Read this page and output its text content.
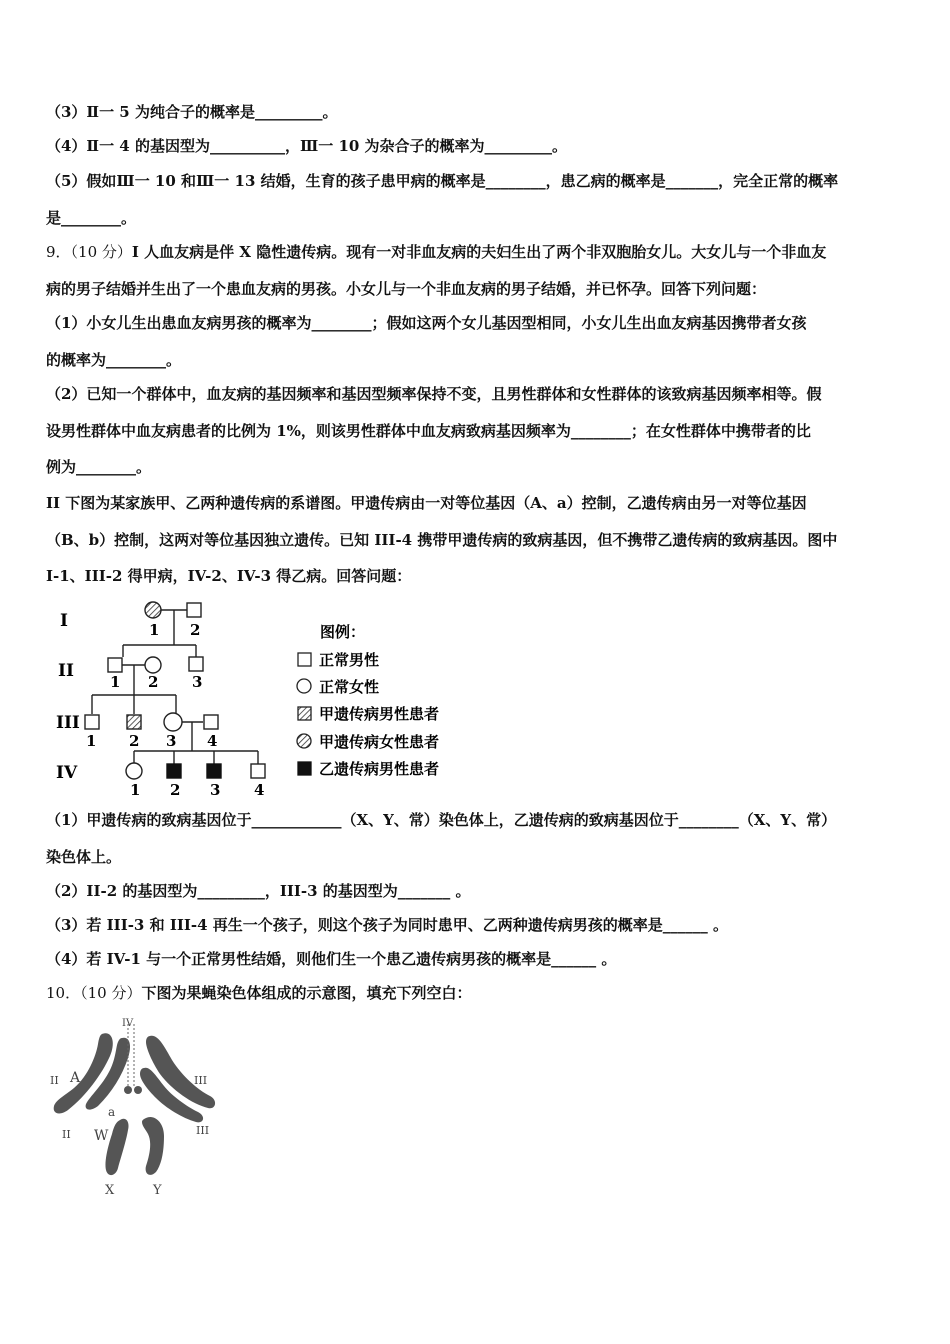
（3）Ⅱ一 5 为纯合子的概率是_________。
（4）Ⅱ一 4 的基因型为__________，Ⅲ一 10 为杂合子的概率为_________。
（5）假如Ⅲ一 10 和Ⅲ一 13 结婚，生育的孩子患甲病的概率是________，患乙病的概率是_______，完全正常的概率
是________。
9．（10 分）I 人血友病是伴 X 隐性遗传病。现有一对非血友病的夫妇生出了两个非双胞胎女儿。大女儿与一个非血友
病的男子结婚并生出了一个患血友病的男孩。小女儿与一个非血友病的男子结婚，并已怀孕。回答下列问题：
（1）小女儿生出患血友病男孩的概率为________；假如这两个女儿基因型相同，小女儿生出血友病基因携带者女孩
的概率为________。
（2）已知一个群体中，血友病的基因频率和基因型频率保持不变，且男性群体和女性群体的该致病基因频率相等。假
设男性群体中血友病患者的比例为 1%，则该男性群体中血友病致病基因频率为________；在女性群体中携带者的比
例为________。
II 下图为某家族甲、乙两种遗传病的系谱图。甲遗传病由一对等位基因（A、a）控制，乙遗传病由另一对等位基因
（B、b）控制，这两对等位基因独立遗传。已知 III-4 携带甲遗传病的致病基因，但不携带乙遗传病的致病基因。图中
I-1、III-2 得甲病，IV-2、IV-3 得乙病。回答问题：
I
II
III
IV
1 2
1 2 3
1 2 3 4
1 2 3 4
图例：
正常男性
正常女性
甲遗传病男性患者
甲遗传病女性患者
乙遗传病男性患者
（1）甲遗传病的致病基因位于____________（X、Y、常）染色体上，乙遗传病的致病基因位于________（X、Y、常）
染色体上。
（2）II-2 的基因型为_________，III-3 的基因型为_______ 。
（3）若 III-3 和 III-4 再生一个孩子，则这个孩子为同时患甲、乙两种遗传病男孩的概率是______ 。
（4）若 IV-1 与一个正常男性结婚，则他们生一个患乙遗传病男孩的概率是______ 。
10．（10 分）下图为果蝇染色体组成的示意图，填充下列空白：
IV
II A	III
a
II W	III
X	Y
